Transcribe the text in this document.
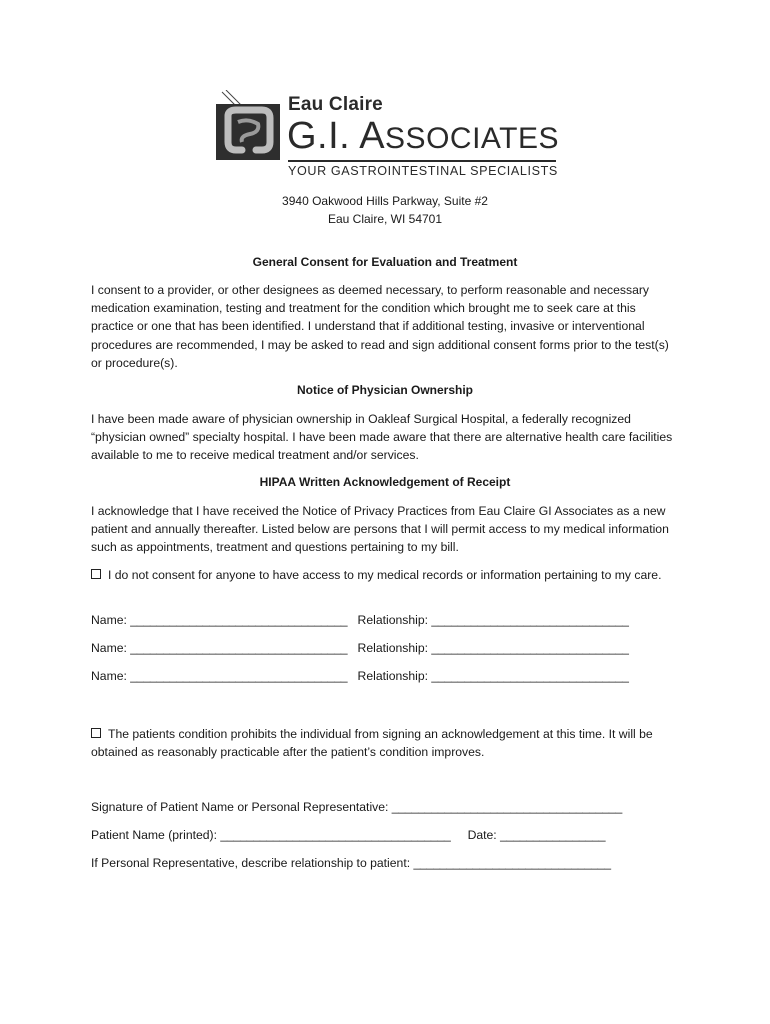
Eau Claire
G.I. ASSOCIATES
YOUR GASTROINTESTINAL SPECIALISTS
3940 Oakwood Hills Parkway, Suite #2
Eau Claire, WI 54701
General Consent for Evaluation and Treatment
I consent to a provider, or other designees as deemed necessary, to perform reasonable and necessary medication examination, testing and treatment for the condition which brought me to seek care at this practice or one that has been identified. I understand that if additional testing, invasive or interventional procedures are recommended, I may be asked to read and sign additional consent forms prior to the test(s) or procedure(s).
Notice of Physician Ownership
I have been made aware of physician ownership in Oakleaf Surgical Hospital, a federally recognized “physician owned” specialty hospital. I have been made aware that there are alternative health care facilities available to me to receive medical treatment and/or services.
HIPAA Written Acknowledgement of Receipt
I acknowledge that I have received the Notice of Privacy Practices from Eau Claire GI Associates as a new patient and annually thereafter. Listed below are persons that I will permit access to my medical information such as appointments, treatment and questions pertaining to my bill.
I do not consent for anyone to have access to my medical records or information pertaining to my care.
Name: _________________________________ Relationship: ______________________________
Name: _________________________________ Relationship: ______________________________
Name: _________________________________ Relationship: ______________________________
The patients condition prohibits the individual from signing an acknowledgement at this time. It will be obtained as reasonably practicable after the patient’s condition improves.
Signature of Patient Name or Personal Representative: ___________________________________
Patient Name (printed): ___________________________________ Date: ________________
If Personal Representative, describe relationship to patient: ______________________________
